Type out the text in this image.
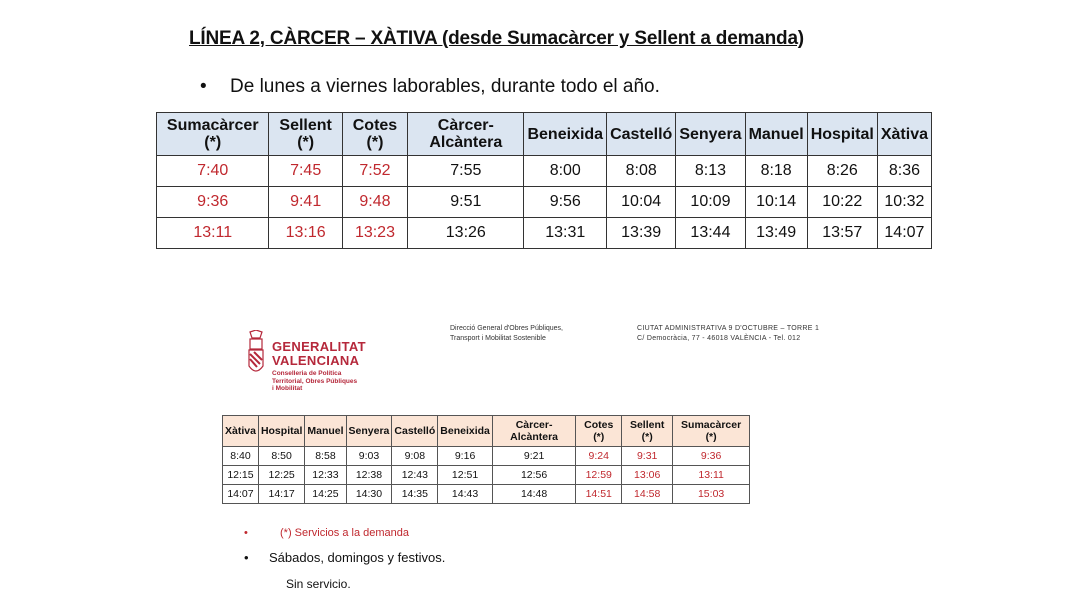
LÍNEA 2, CÀRCER – XÀTIVA (desde Sumacàrcer y Sellent a demanda)
• De lunes a viernes laborables, durante todo el año.
Sumacàrcer (*)	Sellent (*)	Cotes (*)	Càrcer-Alcàntera	Beneixida	Castelló	Senyera	Manuel	Hospital	Xàtiva
7:40	7:45	7:52	7:55	8:00	8:08	8:13	8:18	8:26	8:36
9:36	9:41	9:48	9:51	9:56	10:04	10:09	10:14	10:22	10:32
13:11	13:16	13:23	13:26	13:31	13:39	13:44	13:49	13:57	14:07
GENERALITAT
VALENCIANA
Conselleria de Política
Territorial, Obres Públiques
i Mobilitat
Direcció General d'Obres Públiques,
Transport i Mobilitat Sostenible
CIUTAT ADMINISTRATIVA 9 D'OCTUBRE – TORRE 1
C/ Democràcia, 77 - 46018 VALÈNCIA - Tel. 012
Xàtiva	Hospital	Manuel	Senyera	Castelló	Beneixida	Càrcer-Alcàntera	Cotes (*)	Sellent (*)	Sumacàrcer (*)
8:40	8:50	8:58	9:03	9:08	9:16	9:21	9:24	9:31	9:36
12:15	12:25	12:33	12:38	12:43	12:51	12:56	12:59	13:06	13:11
14:07	14:17	14:25	14:30	14:35	14:43	14:48	14:51	14:58	15:03
•	(*) Servicios a la demanda
• Sábados, domingos y festivos.
Sin servicio.
